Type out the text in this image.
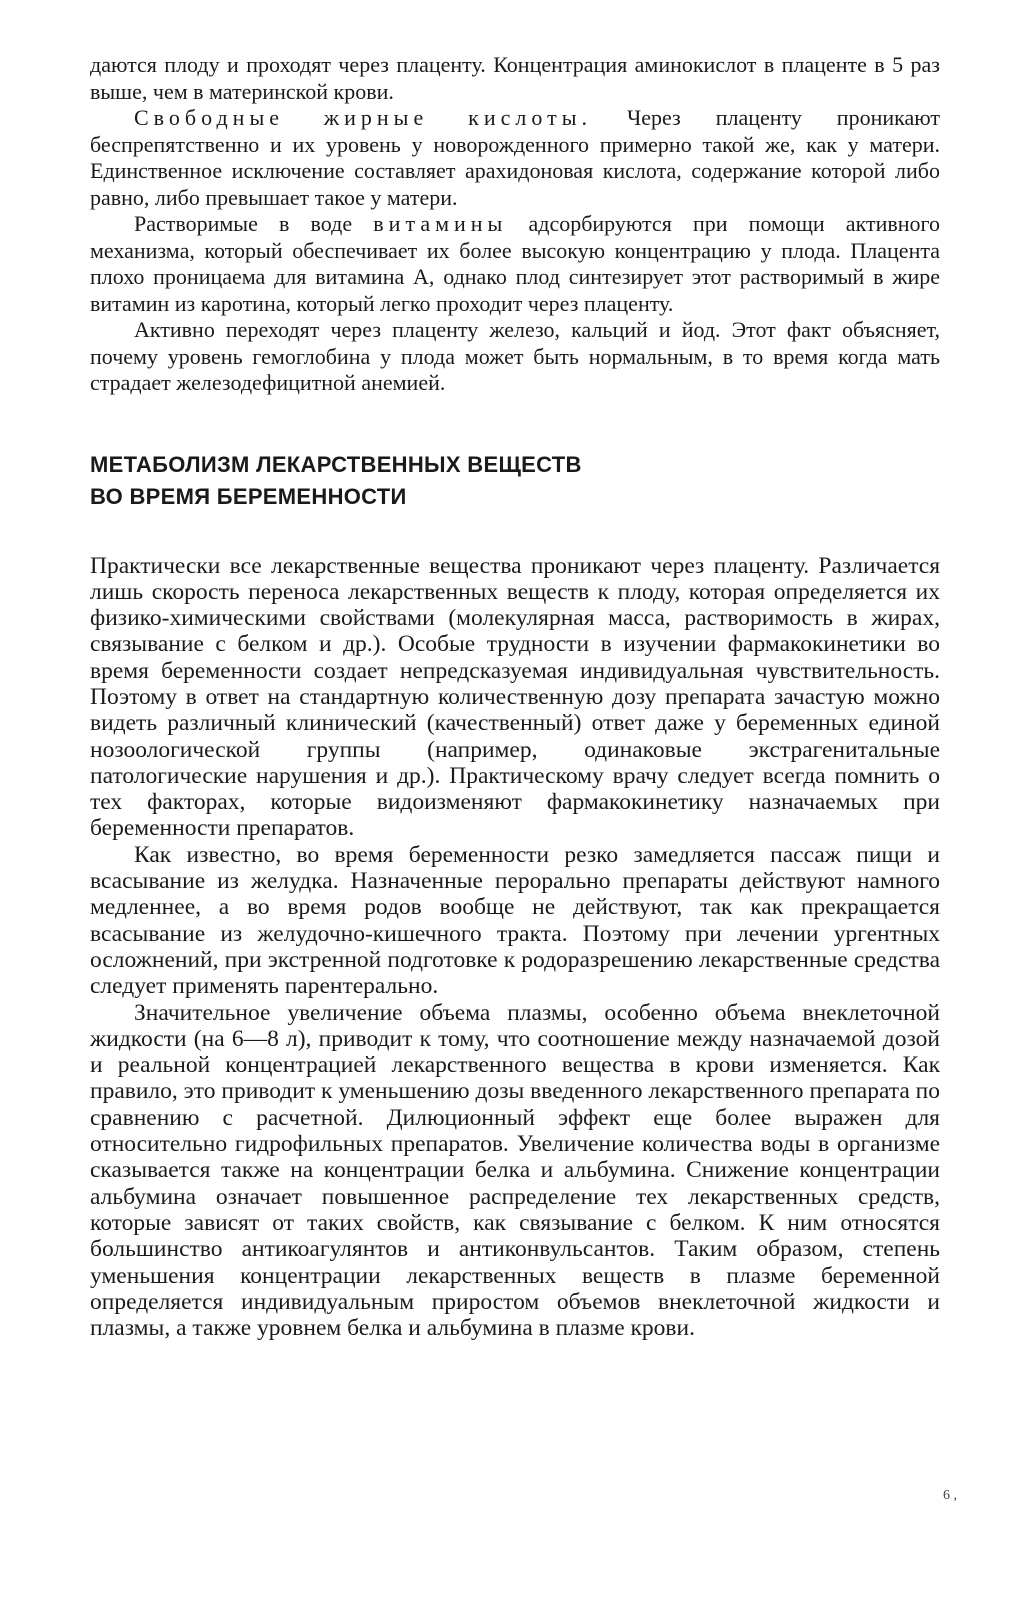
даются плоду и проходят через плаценту. Концентрация аминокислот в плаценте в 5 раз выше, чем в материнской крови.

Свободные жирные кислоты. Через плаценту проникают беспрепятственно и их уровень у новорожденного примерно такой же, как у матери. Единственное исключение составляет арахидоновая кислота, содержание которой либо равно, либо превышает такое у матери.

Растворимые в воде витамины адсорбируются при помощи активного механизма, который обеспечивает их более высокую концентрацию у плода. Плацента плохо проницаема для витамина А, однако плод синтезирует этот растворимый в жире витамин из каротина, который легко проходит через плаценту.

Активно переходят через плаценту железо, кальций и йод. Этот факт объясняет, почему уровень гемоглобина у плода может быть нормальным, в то время когда мать страдает железодефицитной анемией.

МЕТАБОЛИЗМ ЛЕКАРСТВЕННЫХ ВЕЩЕСТВ
ВО ВРЕМЯ БЕРЕМЕННОСТИ

Практически все лекарственные вещества проникают через плаценту. Различается лишь скорость переноса лекарственных веществ к плоду, которая определяется их физико-химическими свойствами (молекулярная масса, растворимость в жирах, связывание с белком и др.). Особые трудности в изучении фармакокинетики во время беременности создает непредсказуемая индивидуальная чувствительность. Поэтому в ответ на стандартную количественную дозу препарата зачастую можно видеть различный клинический (качественный) ответ даже у беременных единой нозоологической группы (например, одинаковые экстрагенитальные патологические нарушения и др.). Практическому врачу следует всегда помнить о тех факторах, которые видоизменяют фармакокинетику назначаемых при беременности препаратов.

Как известно, во время беременности резко замедляется пассаж пищи и всасывание из желудка. Назначенные перорально препараты действуют намного медленнее, а во время родов вообще не действуют, так как прекращается всасывание из желудочно-кишечного тракта. Поэтому при лечении ургентных осложнений, при экстренной подготовке к родоразрешению лекарственные средства следует применять парентерально.

Значительное увеличение объема плазмы, особенно объема внеклеточной жидкости (на 6—8 л), приводит к тому, что соотношение между назначаемой дозой и реальной концентрацией лекарственного вещества в крови изменяется. Как правило, это приводит к уменьшению дозы введенного лекарственного препарата по сравнению с расчетной. Дилюционный эффект еще более выражен для относительно гидрофильных препаратов. Увеличение количества воды в организме сказывается также на концентрации белка и альбумина. Снижение концентрации альбумина означает повышенное распределение тех лекарственных средств, которые зависят от таких свойств, как связывание с белком. К ним относятся большинство антикоагулянтов и антиконвульсантов. Таким образом, степень уменьшения концентрации лекарственных веществ в плазме беременной определяется индивидуальным приростом объемов внеклеточной жидкости и плазмы, а также уровнем белка и альбумина в плазме крови.

6 ,
